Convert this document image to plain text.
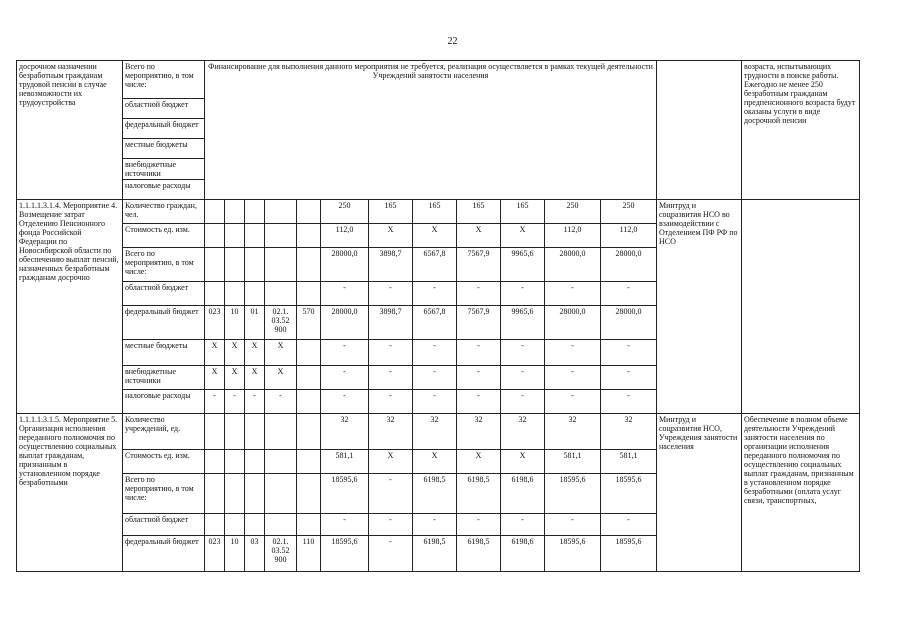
22
досрочном назначении безработным гражданам трудовой пенсии в случае невозможности их трудоустройства	Всего по мероприятию, в том числе:	Финансирование для выполнения данного мероприятия не требуется, реализация осуществляется в рамках текущей деятельности Учреждений занятости населения													возраста, испытывающих трудности в поиске работы. Ежегодно не менее 250 безработным гражданам предпенсионного возраста будут оказаны услуги в виде досрочной пенсии
	областной бюджет														
	федеральный бюджет														
	местные бюджеты														
	внебюджетные источники														
	налоговые расходы														
1.1.1.1.3.1.4. Мероприятие 4. Возмещение затрат Отделению Пенсионного фонда Российской Федерации по Новосибирской области по обеспечению выплат пенсий, назначенных безработным гражданам досрочно	Количество граждан, чел.						250	165	165	165	165	250	250	Минтруд и соцразвития НСО во взаимодействии с Отделением ПФ РФ по НСО	
	Стоимость ед. изм.						112,0	Х	Х	Х	Х	112,0	112,0		
	Всего по мероприятию, в том числе:						28000,0	3898,7	6567,8	7567,9	9965,6	28000,0	28000,0		
	областной бюджет						-	-	-	-	-	-	-		
	федеральный бюджет	023	10	01	02.1. 03.52 900	570	28000,0	3898,7	6567,8	7567,9	9965,6	28000,0	28000,0		
	местные бюджеты	Х	Х	Х	Х		-	-	-	-	-	-	-		
	внебюджетные источники	Х	Х	Х	Х		-	-	-	-	-	-	-		
	налоговые расходы	-	-	-	-		-	-	-	-	-	-	-		
1.1.1.1.3.1.5. Мероприятие 5. Организация исполнения переданного полномочия по осуществлению социальных выплат гражданам, признанным в установленном порядке безработными	Количество учреждений, ед.						32	32	32	32	32	32	32	Минтруд и соцразвития НСО, Учреждения занятости населения	Обеспечение в полном объеме деятельности Учреждений занятости населения по организации исполнения переданного полномочия по осуществлению социальных выплат гражданам, признанным в установленном порядке безработными (оплата услуг связи, транспортных,
	Стоимость ед. изм.						581,1	Х	Х	Х	Х	581,1	581,1		
	Всего по мероприятию, в том числе:						18595,6	-	6198,5	6198,5	6198,6	18595,6	18595,6		
	областной бюджет						-	-	-	-	-	-	-		
	федеральный бюджет	023	10	03	02.1. 03.52 900	110	18595,6	-	6198,5	6198,5	6198,6	18595,6	18595,6		
